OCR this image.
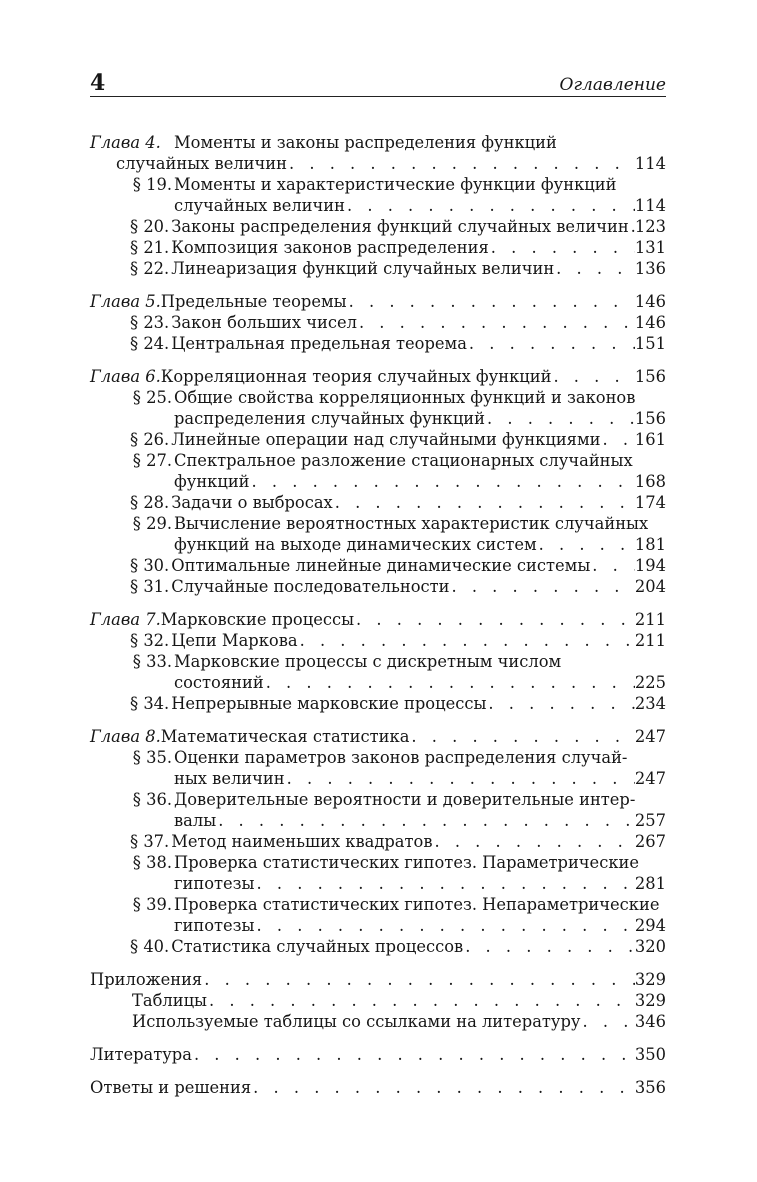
4	Оглавление
Глава 4. Моменты и законы распределения функций
случайных величин . . .	114
§ 19. Моменты и характеристические функции функций
случайных величин . . .	114
§ 20. Законы распределения функций случайных величин . . . 123
§ 21. Композиция законов распределения . . .	131
§ 22. Линеаризация функций случайных величин . . .	136
Глава 5. Предельные теоремы . . .	146
§ 23. Закон больших чисел . . .	146
§ 24. Центральная предельная теорема . . .	151
Глава 6. Корреляционная теория случайных функций . . .	156
§ 25. Общие свойства корреляционных функций и законов
распределения случайных функций . . .	156
§ 26. Линейные операции над случайными функциями . . . 161
§ 27. Спектральное разложение стационарных случайных
функций . . .	168
§ 28. Задачи о выбросах . . .	174
§ 29. Вычисление вероятностных характеристик случайных
функций на выходе динамических систем . . .	181
§ 30. Оптимальные линейные динамические системы . . .	194
§ 31. Случайные последовательности . . .	204
Глава 7. Марковские процессы . . .	211
§ 32. Цепи Маркова . . .	211
§ 33. Марковские процессы с дискретным числом
состояний . . .	225
§ 34. Непрерывные марковские процессы . . .	234
Глава 8. Математическая статистика . . .	247
§ 35. Оценки параметров законов распределения случай-
ных величин . . .	247
§ 36. Доверительные вероятности и доверительные интер-
валы . . .	257
§ 37. Метод наименьших квадратов . . .	267
§ 38. Проверка статистических гипотез. Параметрические
гипотезы . . .	281
§ 39. Проверка статистических гипотез. Непараметрические
гипотезы . . .	294
§ 40. Статистика случайных процессов . . .	320
Приложения . . .	329
Таблицы . . .	329
Используемые таблицы со ссылками на литературу . . .	346
Литература . . .	350
Ответы и решения . . .	356
